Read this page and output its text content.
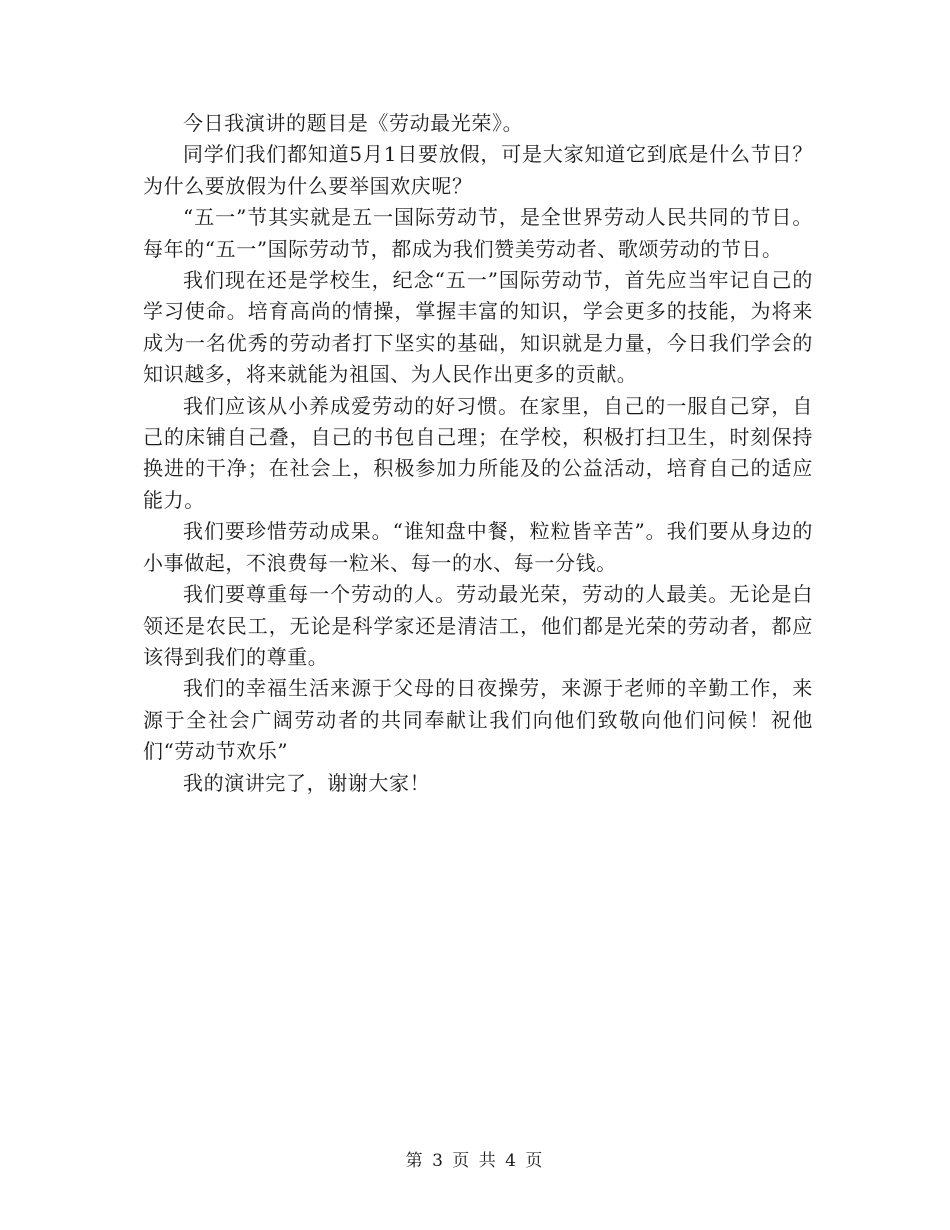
今日我演讲的题目是《劳动最光荣》。

同学们我们都知道5月1日要放假，可是大家知道它到底是什么节日？为什么要放假为什么要举国欢庆呢？

“五一”节其实就是五一国际劳动节，是全世界劳动人民共同的节日。每年的“五一”国际劳动节，都成为我们赞美劳动者、歌颂劳动的节日。

我们现在还是学校生，纪念“五一”国际劳动节，首先应当牢记自己的学习使命。培育高尚的情操，掌握丰富的知识，学会更多的技能，为将来成为一名优秀的劳动者打下坚实的基础，知识就是力量，今日我们学会的知识越多，将来就能为祖国、为人民作出更多的贡献。

我们应该从小养成爱劳动的好习惯。在家里，自己的一服自己穿，自己的床铺自己叠，自己的书包自己理；在学校，积极打扫卫生，时刻保持换进的干净；在社会上，积极参加力所能及的公益活动，培育自己的适应能力。

我们要珍惜劳动成果。“谁知盘中餐，粒粒皆辛苦”。我们要从身边的小事做起，不浪费每一粒米、每一的水、每一分钱。

我们要尊重每一个劳动的人。劳动最光荣，劳动的人最美。无论是白领还是农民工，无论是科学家还是清洁工，他们都是光荣的劳动者，都应该得到我们的尊重。

我们的幸福生活来源于父母的日夜操劳，来源于老师的辛勤工作，来源于全社会广阔劳动者的共同奉献让我们向他们致敬向他们问候！祝他们“劳动节欢乐”

我的演讲完了，谢谢大家！

第 3 页 共 4 页
